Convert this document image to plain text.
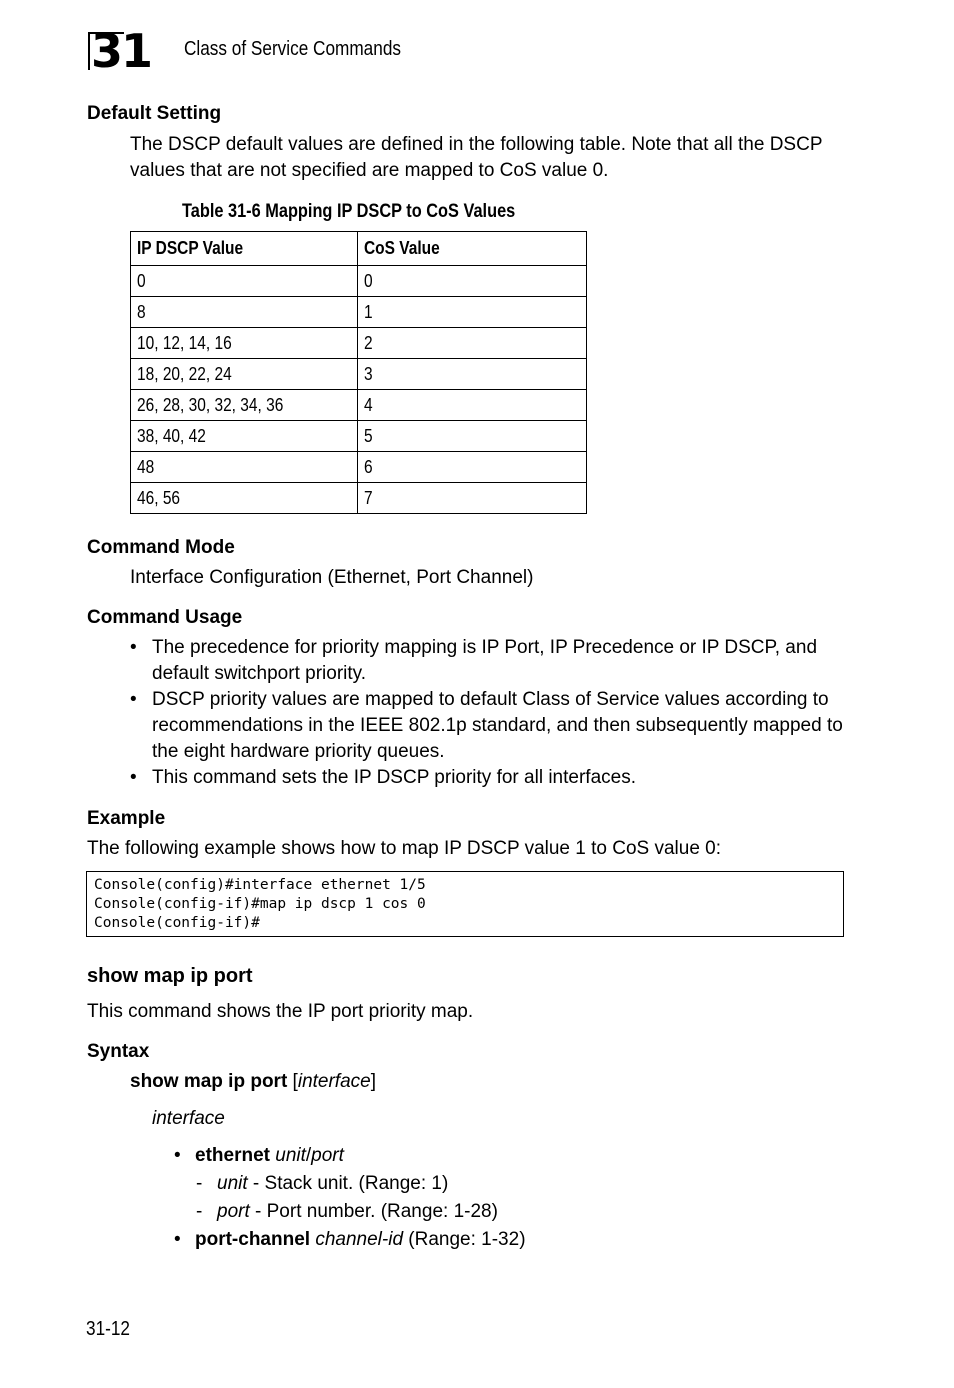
31 Class of Service Commands
Default Setting

The DSCP default values are defined in the following table. Note that all the DSCP values that are not specified are mapped to CoS value 0.

Table 31-6 Mapping IP DSCP to CoS Values
IP DSCP Value	CoS Value
0	0
8	1
10, 12, 14, 16	2
18, 20, 22, 24	3
26, 28, 30, 32, 34, 36	4
38, 40, 42	5
48	6
46, 56	7
Command Mode

Interface Configuration (Ethernet, Port Channel)

Command Usage
• The precedence for priority mapping is IP Port, IP Precedence or IP DSCP, and default switchport priority.
• DSCP priority values are mapped to default Class of Service values according to recommendations in the IEEE 802.1p standard, and then subsequently mapped to the eight hardware priority queues.
• This command sets the IP DSCP priority for all interfaces.
Example

The following example shows how to map IP DSCP value 1 to CoS value 0:

Console(config)#interface ethernet 1/5
Console(config-if)#map ip dscp 1 cos 0
Console(config-if)#
show map ip port

This command shows the IP port priority map.

Syntax

show map ip port [interface]

interface

• ethernet unit/port

- unit - Stack unit. (Range: 1)

- port - Port number. (Range: 1-28)

• port-channel channel-id (Range: 1-32)

31-12
